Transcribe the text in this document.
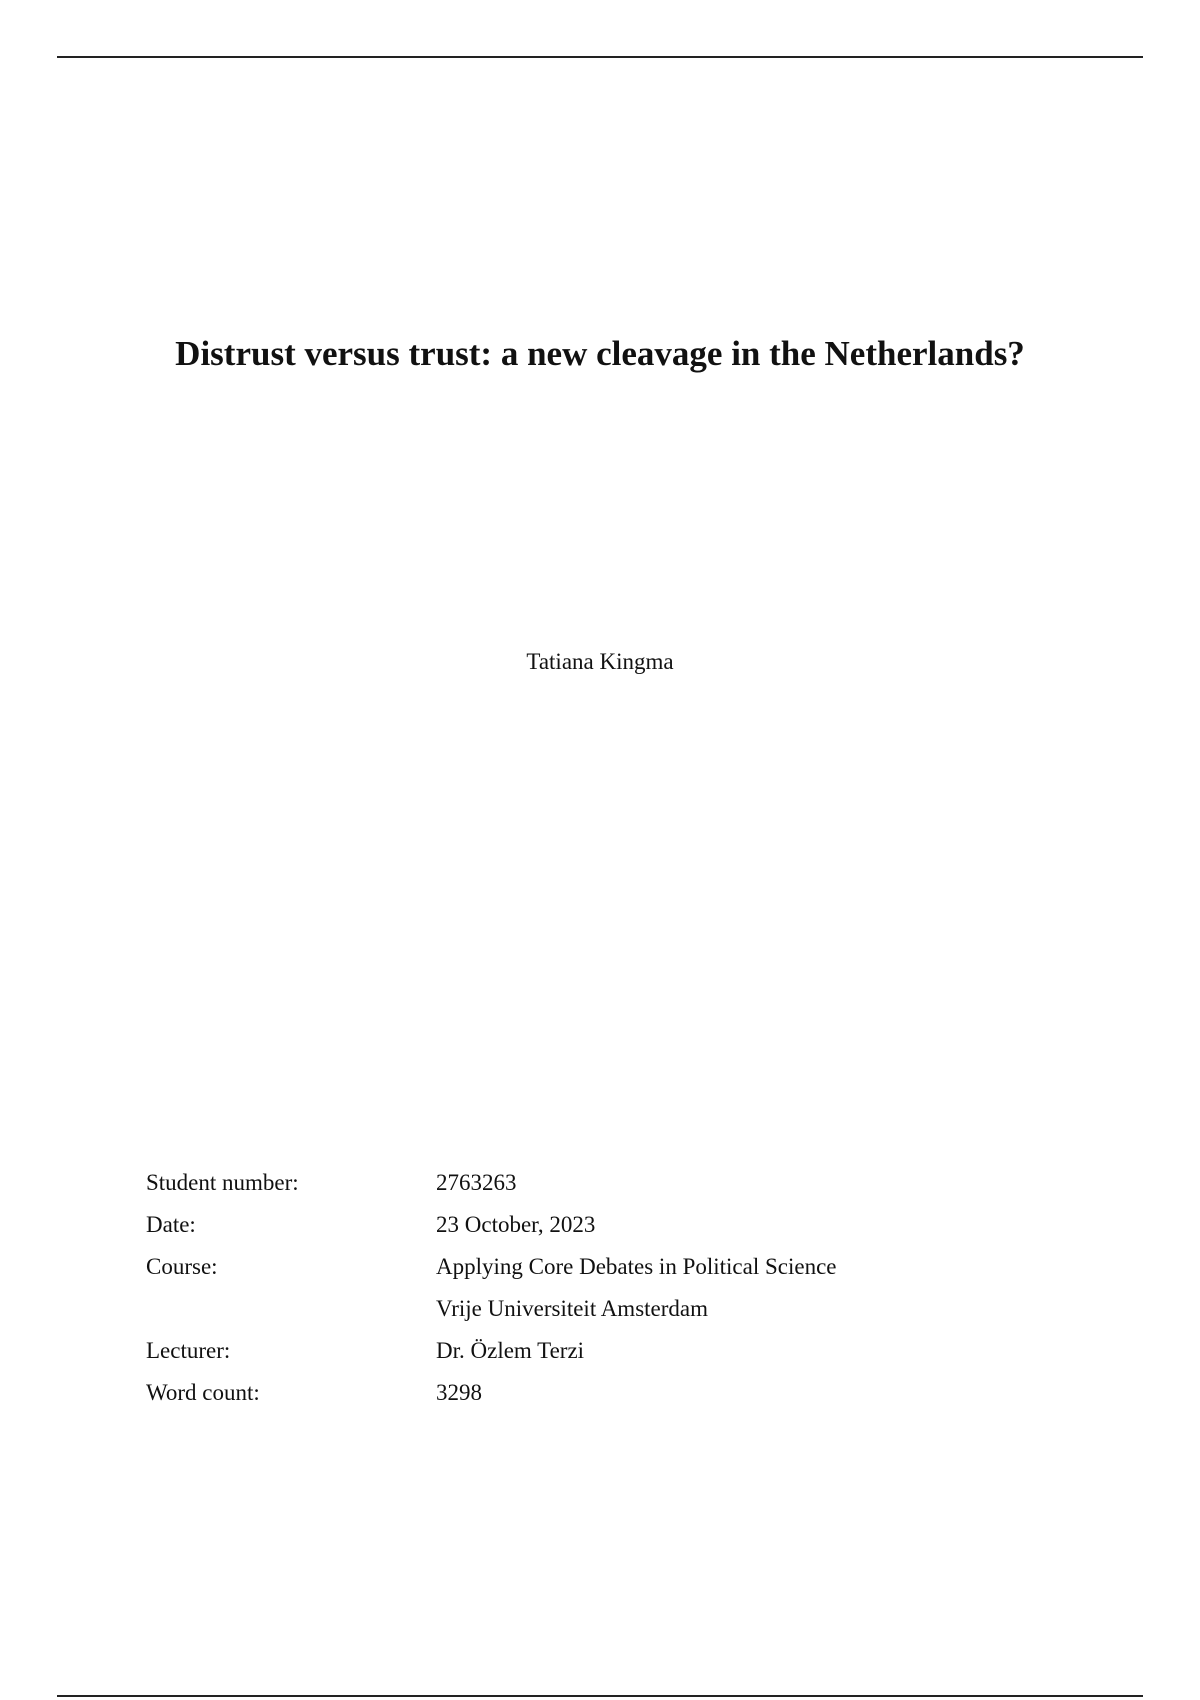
Distrust versus trust: a new cleavage in the Netherlands?
Tatiana Kingma
Student number:	2763263
Date:	23 October, 2023
Course:	Applying Core Debates in Political Science
Vrije Universiteit Amsterdam
Lecturer:	Dr. Özlem Terzi
Word count:	3298
